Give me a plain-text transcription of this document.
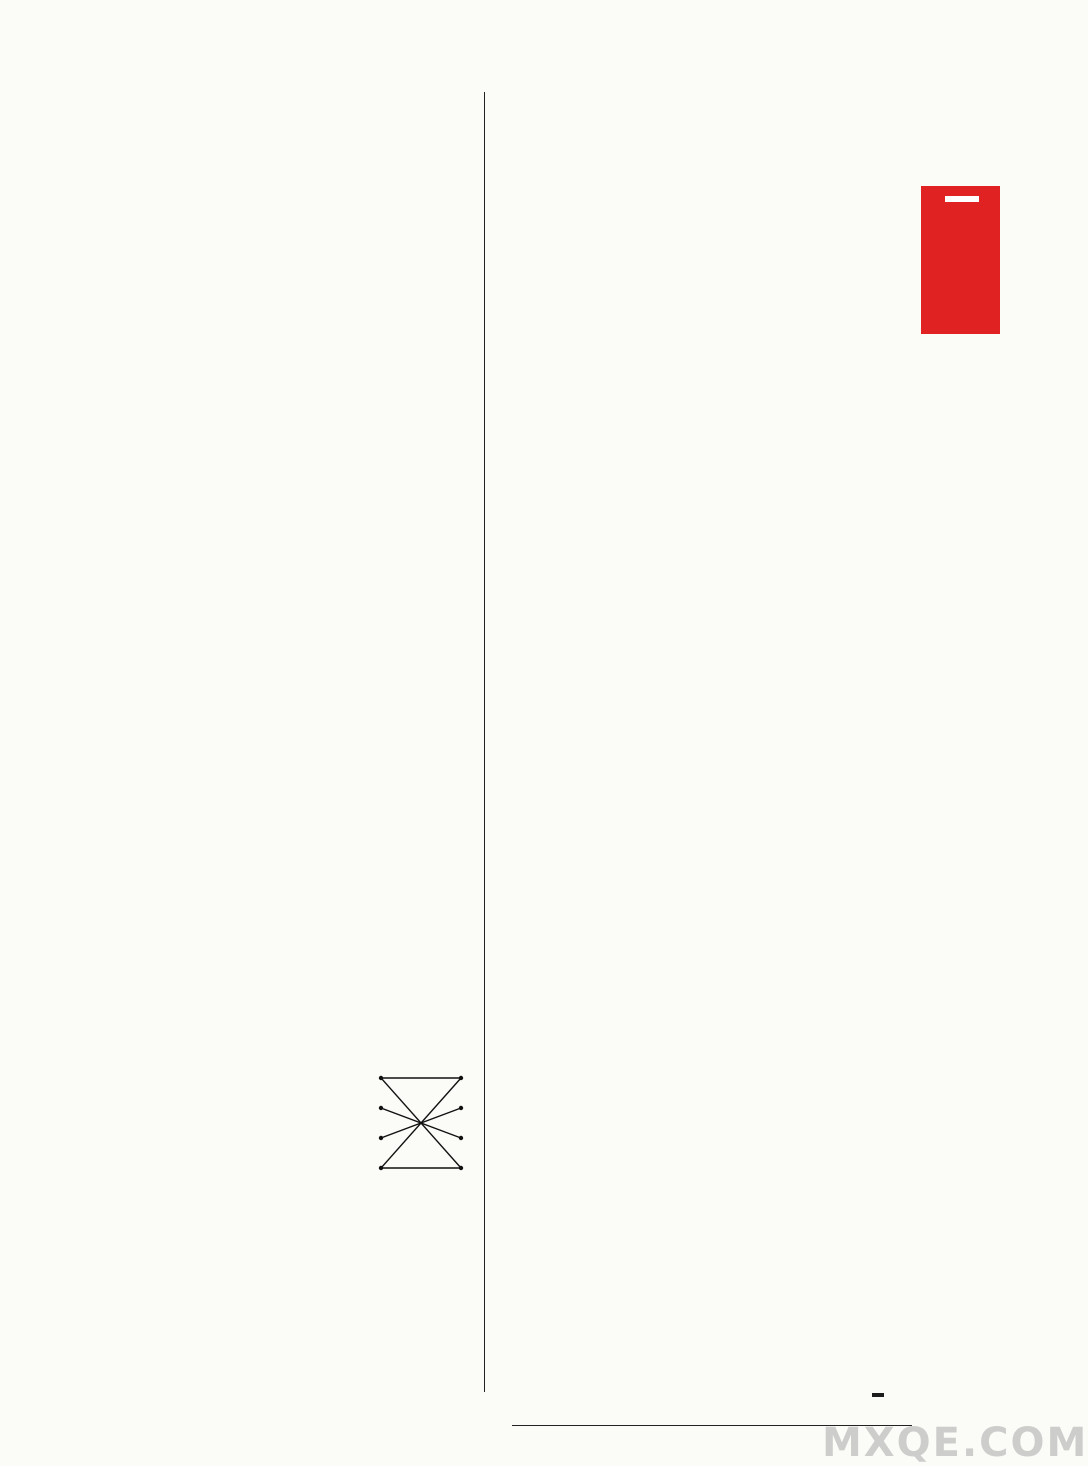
MXQE.COM
